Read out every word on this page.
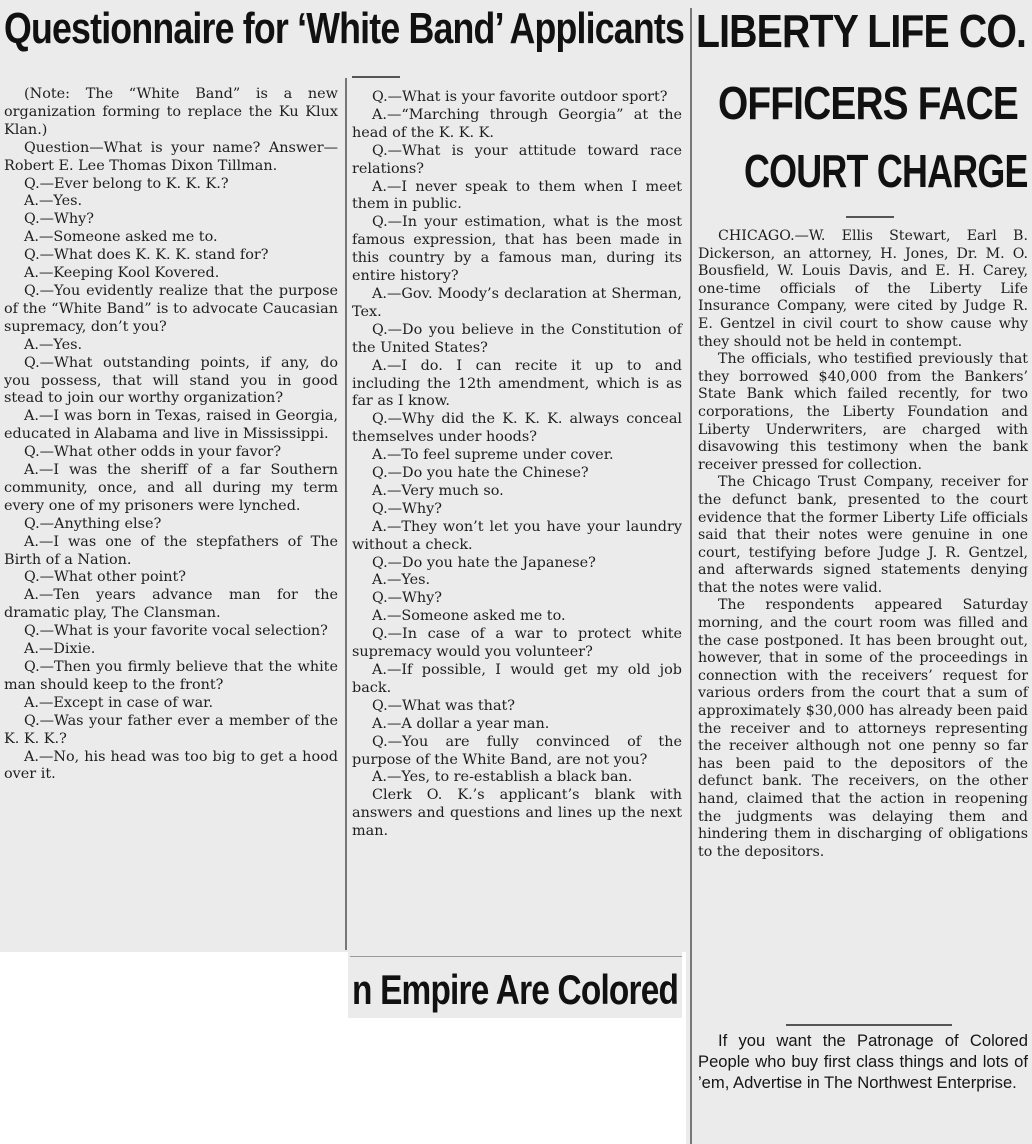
Questionnaire for ‘White Band’ Applicants LIBERTY LIFE CO.
OFFICERS FACE
COURT CHARGE

(Note: The “White Band” is a new organization forming to replace the Ku Klux Klan.)

Question—What is your name? Answer—Robert E. Lee Thomas Dixon Tillman.

Q.—Ever belong to K. K. K.?

A.—Yes.

Q.—Why?

A.—Someone asked me to.

Q.—What does K. K. K. stand for?

A.—Keeping Kool Kovered.

Q.—You evidently realize that the purpose of the “White Band” is to advocate Caucasian supremacy, don’t you?

A.—Yes.

Q.—What outstanding points, if any, do you possess, that will stand you in good stead to join our worthy organization?

A.—I was born in Texas, raised in Georgia, educated in Alabama and live in Mississippi.

Q.—What other odds in your favor?

A.—I was the sheriff of a far Southern community, once, and all during my term every one of my prisoners were lynched.

Q.—Anything else?

A.—I was one of the stepfathers of The Birth of a Nation.

Q.—What other point?

A.—Ten years advance man for the dramatic play, The Clansman.

Q.—What is your favorite vocal selection?

A.—Dixie.

Q.—Then you firmly believe that the white man should keep to the front?

A.—Except in case of war.

Q.—Was your father ever a member of the K. K. K.?

A.—No, his head was too big to get a hood over it.

Q.—What is your favorite outdoor sport?

A.—“Marching through Georgia” at the head of the K. K. K.

Q.—What is your attitude toward race relations?

A.—I never speak to them when I meet them in public.

Q.—In your estimation, what is the most famous expression, that has been made in this country by a famous man, during its entire history?

A.—Gov. Moody’s declaration at Sherman, Tex.

Q.—Do you believe in the Constitution of the United States?

A.—I do. I can recite it up to and including the 12th amendment, which is as far as I know.

Q.—Why did the K. K. K. always conceal themselves under hoods?

A.—To feel supreme under cover.

Q.—Do you hate the Chinese?

A.—Very much so.

Q.—Why?

A.—They won’t let you have your laundry without a check.

Q.—Do you hate the Japanese?

A.—Yes.

Q.—Why?

A.—Someone asked me to.

Q.—In case of a war to protect white supremacy would you volunteer?

A.—If possible, I would get my old job back.

Q.—What was that?

A.—A dollar a year man.

Q.—You are fully convinced of the purpose of the White Band, are not you?

A.—Yes, to re-establish a black ban.

Clerk O. K.’s applicant’s blank with answers and questions and lines up the next man.

CHICAGO.—W. Ellis Stewart, Earl B. Dickerson, an attorney, H. Jones, Dr. M. O. Bousfield, W. Louis Davis, and E. H. Carey, one-time officials of the Liberty Life Insurance Company, were cited by Judge R. E. Gentzel in civil court to show cause why they should not be held in contempt.

The officials, who testified previously that they borrowed $40,000 from the Bankers’ State Bank which failed recently, for two corporations, the Liberty Foundation and Liberty Underwriters, are charged with disavowing this testimony when the bank receiver pressed for collection.

The Chicago Trust Company, receiver for the defunct bank, presented to the court evidence that the former Liberty Life officials said that their notes were genuine in one court, testifying before Judge J. R. Gentzel, and afterwards signed statements denying that the notes were valid.

The respondents appeared Saturday morning, and the court room was filled and the case postponed. It has been brought out, however, that in some of the proceedings in connection with the receivers’ request for various orders from the court that a sum of approximately $30,000 has already been paid the receiver and to attorneys representing the receiver although not one penny so far has been paid to the depositors of the defunct bank. The receivers, on the other hand, claimed that the action in reopening the judgments was delaying them and hindering them in discharging of obligations to the depositors.

n Empire Are Colored

If you want the Patronage of Colored People who buy first class things and lots of ’em, Advertise in The Northwest Enterprise.
